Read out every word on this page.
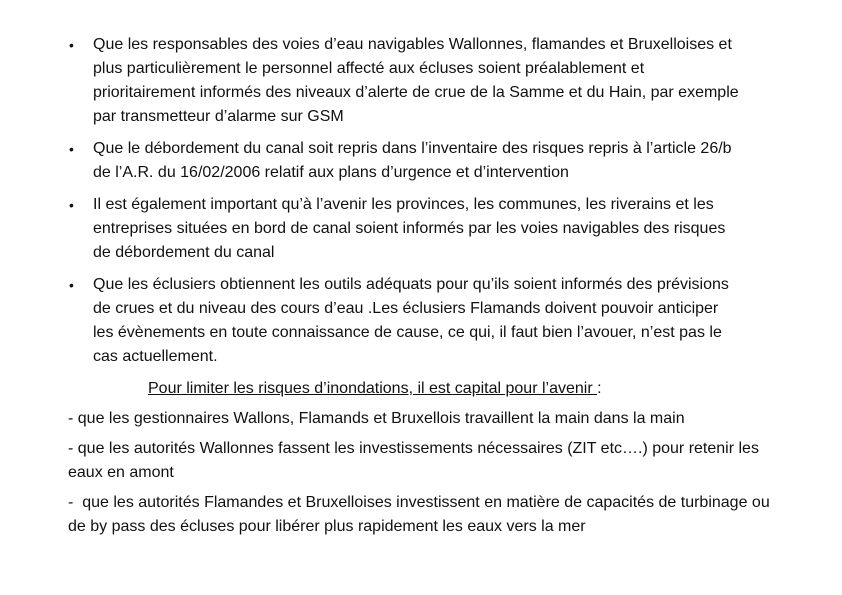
• Que les responsables des voies d’eau navigables Wallonnes, flamandes et Bruxelloises et plus particulièrement le personnel affecté aux écluses soient préalablement et prioritairement informés des niveaux d’alerte de crue de la Samme et du Hain, par exemple par transmetteur d’alarme sur GSM
• Que le débordement du canal soit repris dans l’inventaire des risques repris à l’article 26/b de l’A.R. du 16/02/2006 relatif aux plans d’urgence et d’intervention
• Il est également important qu’à l’avenir les provinces, les communes, les riverains et les entreprises situées en bord de canal soient informés par les voies navigables des risques de débordement du canal
• Que les éclusiers obtiennent les outils adéquats pour qu’ils soient informés des prévisions de crues et du niveau des cours d’eau .Les éclusiers Flamands doivent pouvoir anticiper les évènements en toute connaissance de cause, ce qui, il faut bien l’avouer, n’est pas le cas actuellement.

Pour limiter les risques d’inondations, il est capital pour l’avenir :

- que les gestionnaires Wallons, Flamands et Bruxellois travaillent la main dans la main

- que les autorités Wallonnes fassent les investissements nécessaires (ZIT etc….) pour retenir les eaux en amont

-  que les autorités Flamandes et Bruxelloises investissent en matière de capacités de turbinage ou de by pass des écluses pour libérer plus rapidement les eaux vers la mer
